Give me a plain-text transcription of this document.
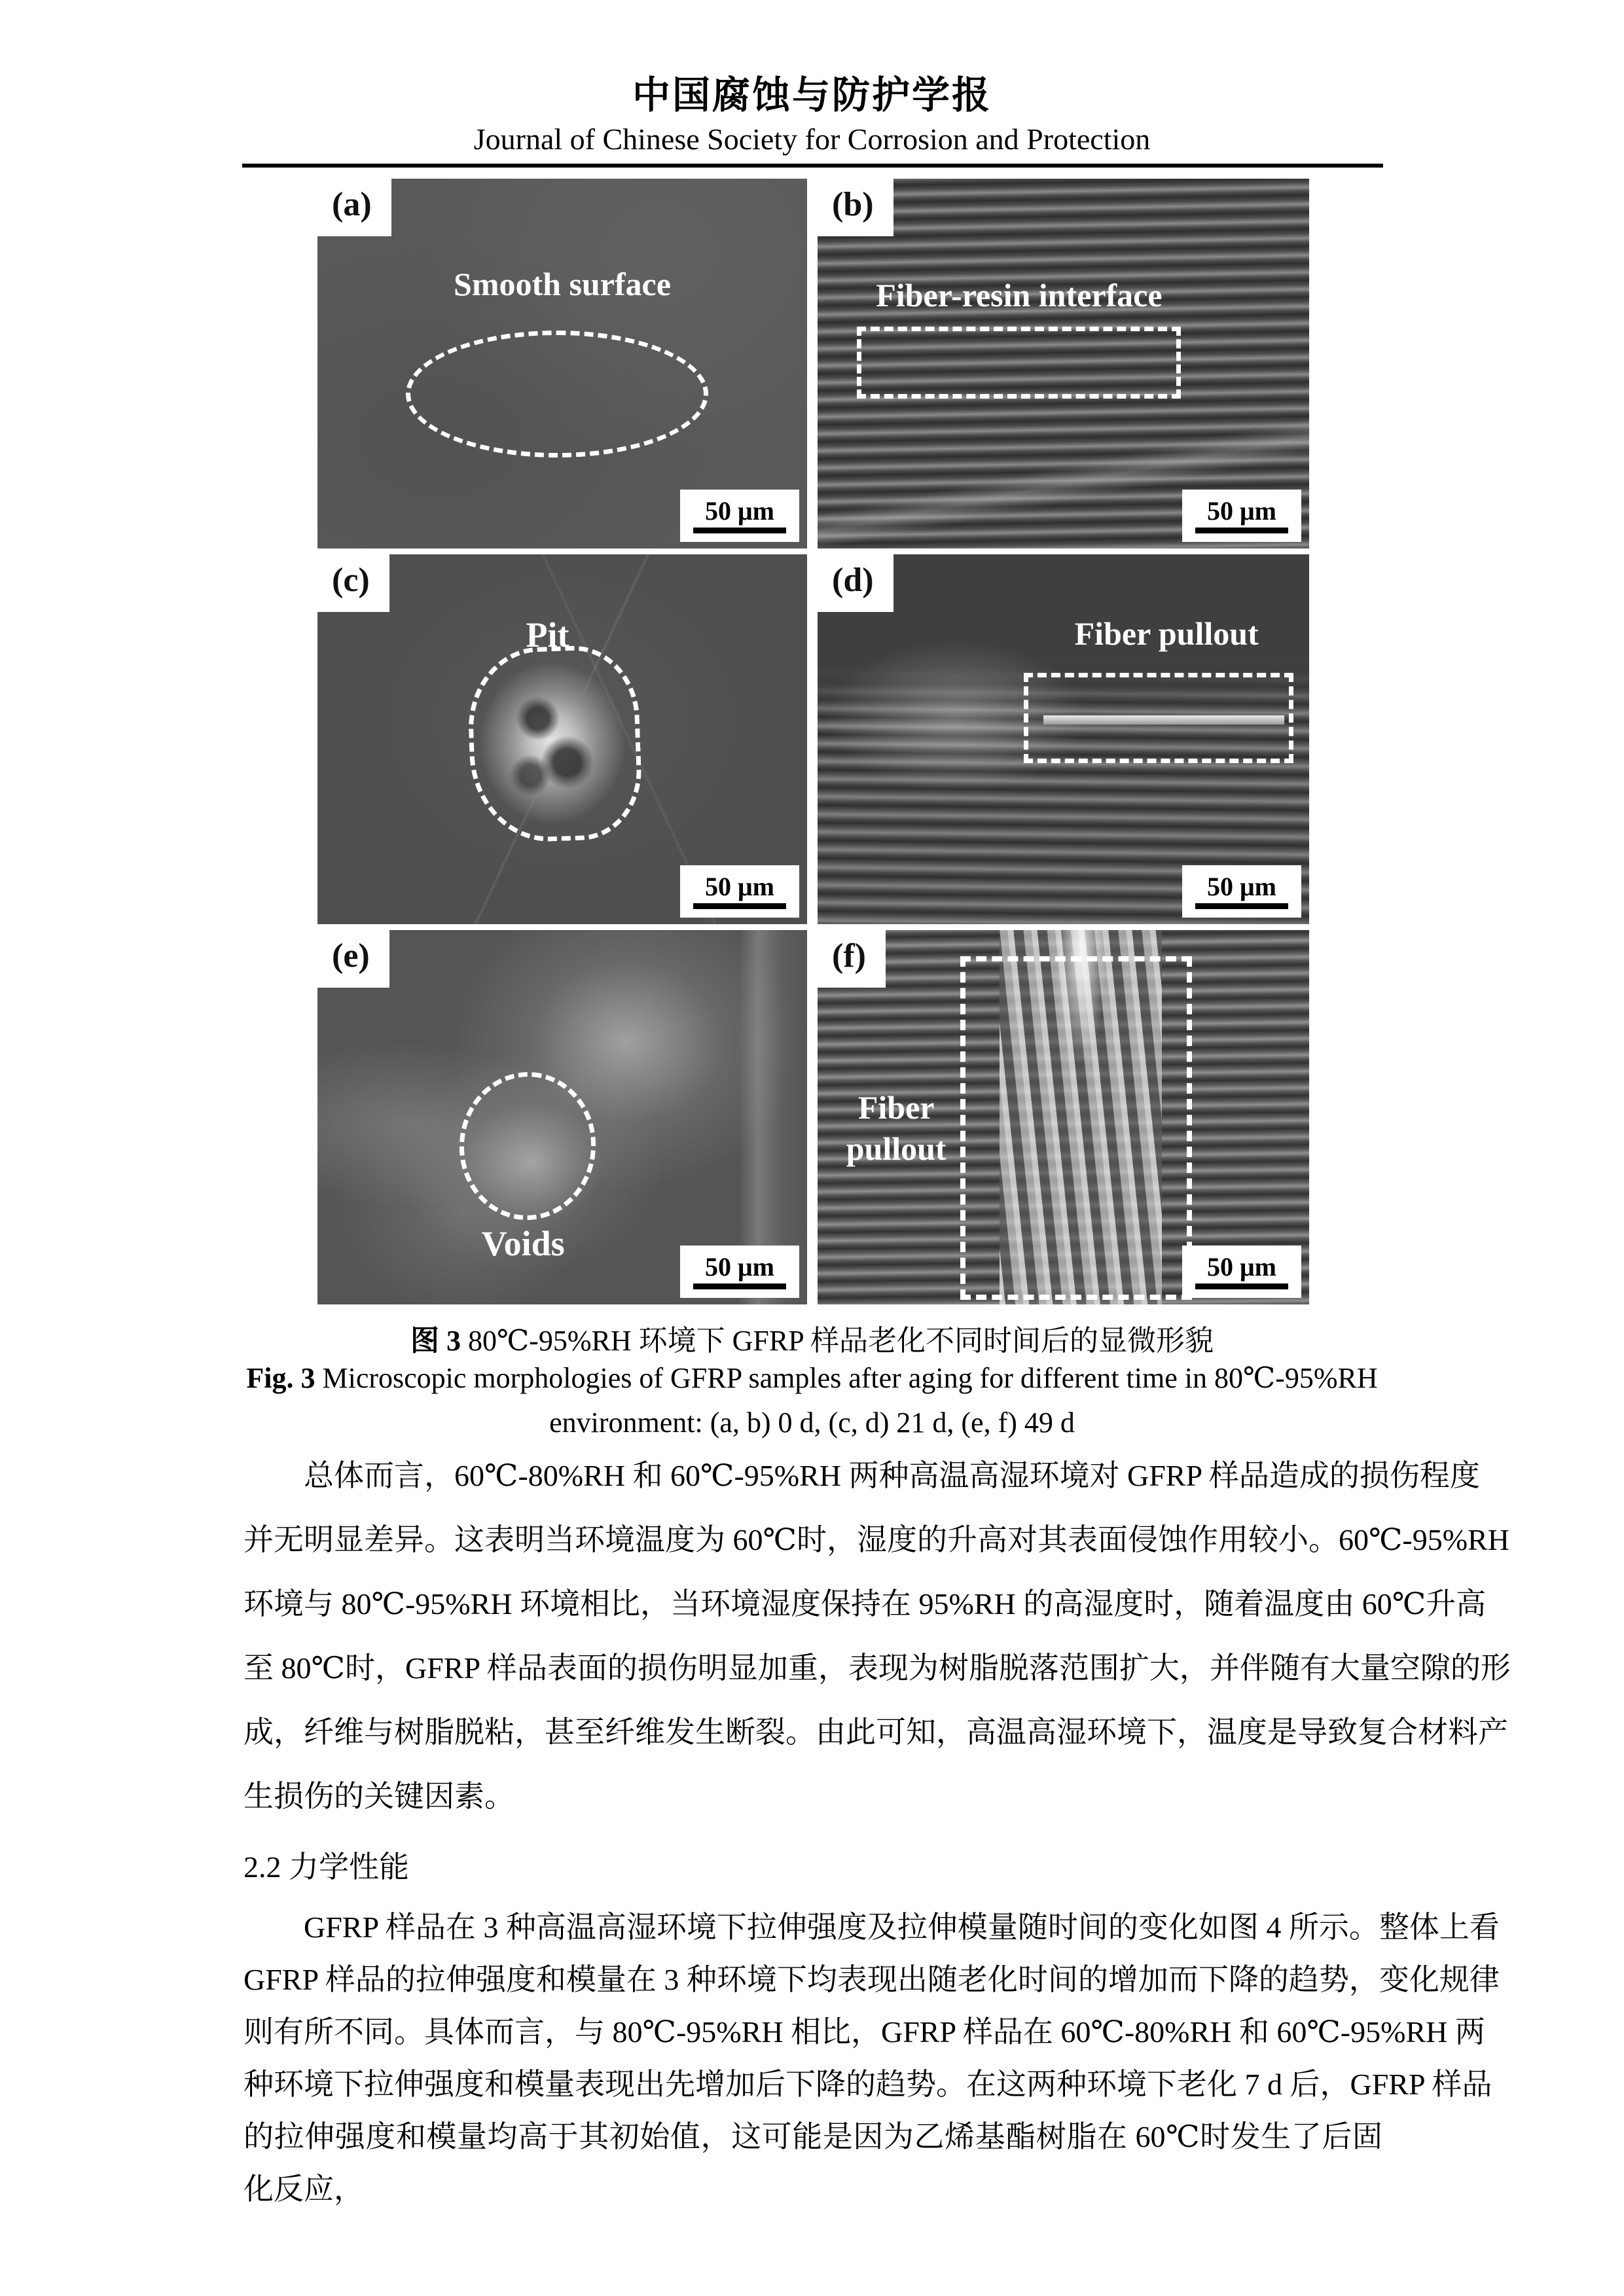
中国腐蚀与防护学报
Journal of Chinese Society for Corrosion and Protection
(a)
Smooth surface
50 μm
(b)
Fiber-resin interface
50 μm
(c)
Pit
50 μm
(d)
Fiber pullout
50 μm
(e)
Voids
50 μm
(f)
Fiber pullout
50 μm
图 3 80℃-95%RH 环境下 GFRP 样品老化不同时间后的显微形貌
Fig. 3 Microscopic morphologies of GFRP samples after aging for different time in 80℃-95%RH
environment: (a, b) 0 d, (c, d) 21 d, (e, f) 49 d
总体而言，60℃-80%RH 和 60℃-95%RH 两种高温高湿环境对 GFRP 样品造成的损伤程度
并无明显差异。这表明当环境温度为 60℃时，湿度的升高对其表面侵蚀作用较小。60℃-95%RH
环境与 80℃-95%RH 环境相比，当环境湿度保持在 95%RH 的高湿度时，随着温度由 60℃升高
至 80℃时，GFRP 样品表面的损伤明显加重，表现为树脂脱落范围扩大，并伴随有大量空隙的形
成，纤维与树脂脱粘，甚至纤维发生断裂。由此可知，高温高湿环境下，温度是导致复合材料产
生损伤的关键因素。
2.2 力学性能
GFRP 样品在 3 种高温高湿环境下拉伸强度及拉伸模量随时间的变化如图 4 所示。整体上看
GFRP 样品的拉伸强度和模量在 3 种环境下均表现出随老化时间的增加而下降的趋势，变化规律
则有所不同。具体而言，与 80℃-95%RH 相比，GFRP 样品在 60℃-80%RH 和 60℃-95%RH 两
种环境下拉伸强度和模量表现出先增加后下降的趋势。在这两种环境下老化 7 d 后，GFRP 样品
的拉伸强度和模量均高于其初始值，这可能是因为乙烯基酯树脂在 60℃时发生了后固化反应，
